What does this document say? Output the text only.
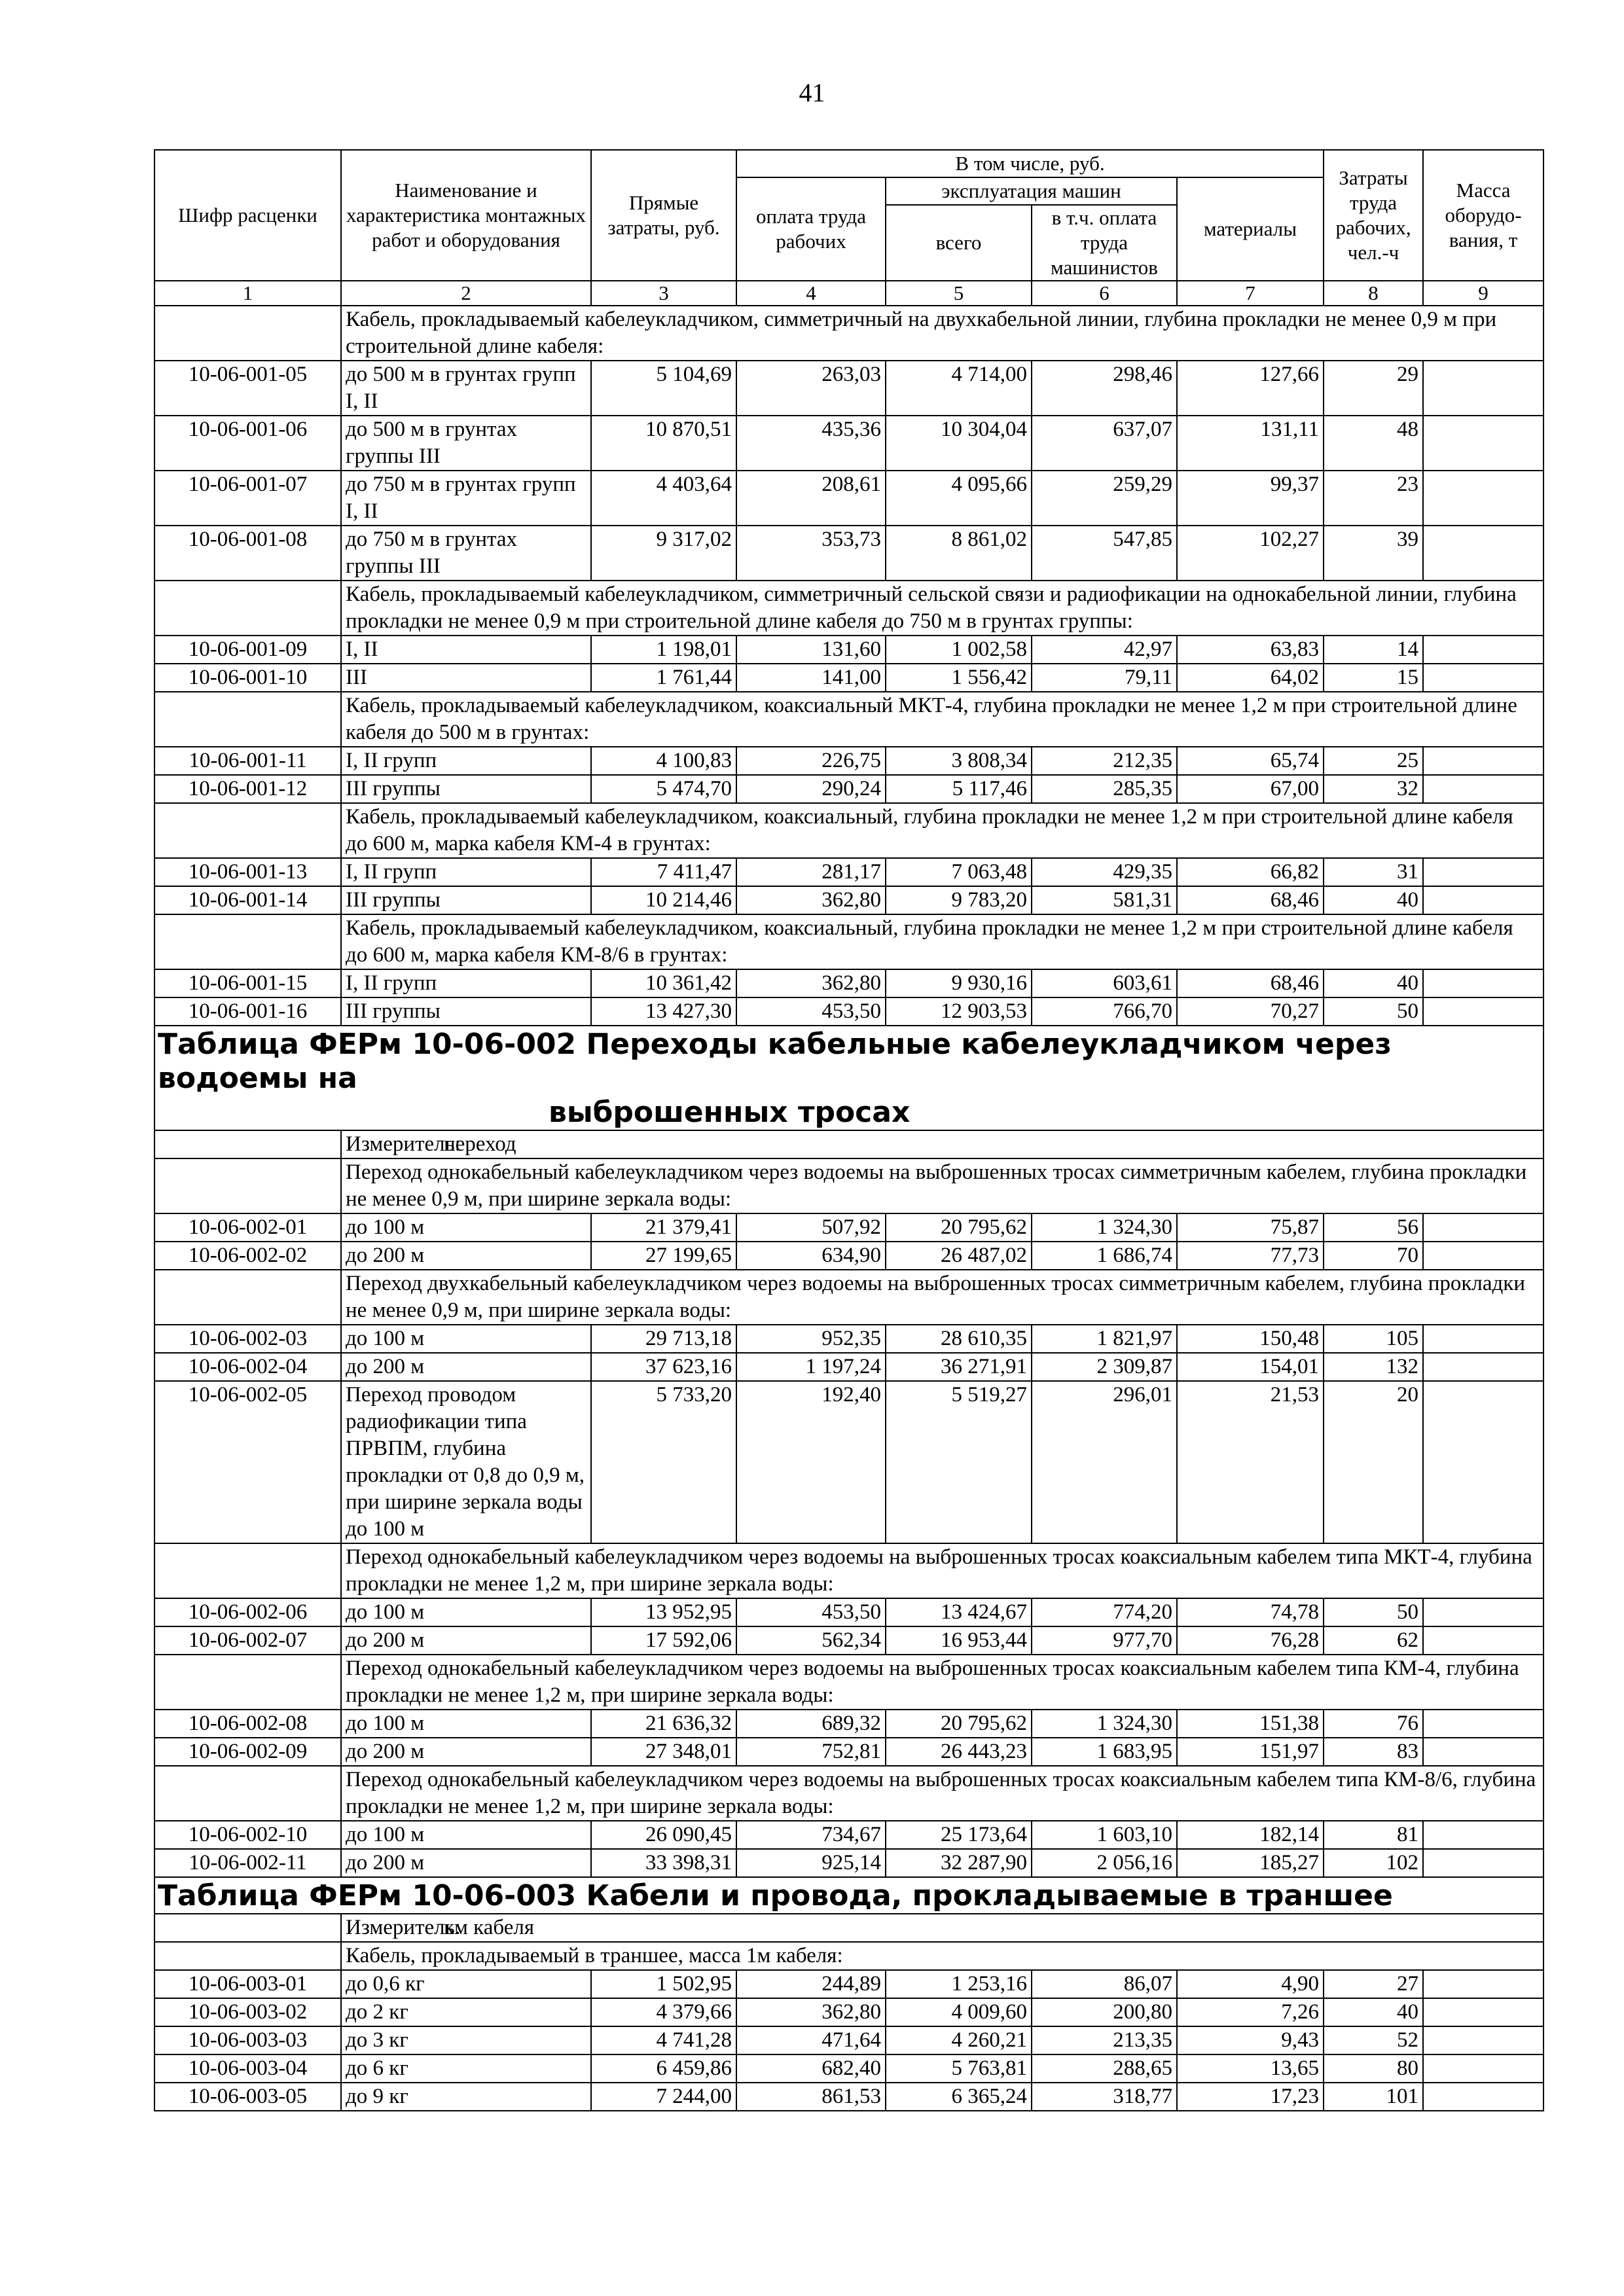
41
Шифр расценки	Наименование и характеристика монтажных работ и оборудования	Прямые затраты, руб.	В том числе, руб.				Затраты труда рабочих, чел.-ч	Масса оборудо-вания, т
			оплата труда рабочих	эксплуатация машин		материалы		
				всего	в т.ч. оплата труда машинистов			
1	2	3	4	5	6	7	8	9
	Кабель, прокладываемый кабелеукладчиком, симметричный на двухкабельной линии, глубина прокладки не менее 0,9 м при строительной длине кабеля:							
10-06-001-05	до 500 м в грунтах групп I, II	5 104,69	263,03	4 714,00	298,46	127,66	29	
10-06-001-06	до 500 м в грунтах группы III	10 870,51	435,36	10 304,04	637,07	131,11	48	
10-06-001-07	до 750 м в грунтах групп I, II	4 403,64	208,61	4 095,66	259,29	99,37	23	
10-06-001-08	до 750 м в грунтах группы III	9 317,02	353,73	8 861,02	547,85	102,27	39	
	Кабель, прокладываемый кабелеукладчиком, симметричный сельской связи и радиофикации на однокабельной линии, глубина прокладки не менее 0,9 м при строительной длине кабеля до 750 м в грунтах группы:							
10-06-001-09	I, II	1 198,01	131,60	1 002,58	42,97	63,83	14	
10-06-001-10	III	1 761,44	141,00	1 556,42	79,11	64,02	15	
	Кабель, прокладываемый кабелеукладчиком, коаксиальный МКТ-4, глубина прокладки не менее 1,2 м при строительной длине кабеля до 500 м в грунтах:							
10-06-001-11	I, II групп	4 100,83	226,75	3 808,34	212,35	65,74	25	
10-06-001-12	III группы	5 474,70	290,24	5 117,46	285,35	67,00	32	
	Кабель, прокладываемый кабелеукладчиком, коаксиальный, глубина прокладки не менее 1,2 м при строительной длине кабеля до 600 м, марка кабеля КМ-4 в грунтах:							
10-06-001-13	I, II групп	7 411,47	281,17	7 063,48	429,35	66,82	31	
10-06-001-14	III группы	10 214,46	362,80	9 783,20	581,31	68,46	40	
	Кабель, прокладываемый кабелеукладчиком, коаксиальный, глубина прокладки не менее 1,2 м при строительной длине кабеля до 600 м, марка кабеля КМ-8/6 в грунтах:							
10-06-001-15	I, II групп	10 361,42	362,80	9 930,16	603,61	68,46	40	
10-06-001-16	III группы	13 427,30	453,50	12 903,53	766,70	70,27	50	

Таблица ФЕРм 10-06-002 Переходы кабельные кабелеукладчиком через водоемы на
выброшенных тросах								

	Измеритель:переход							
	Переход однокабельный кабелеукладчиком через водоемы на выброшенных тросах симметричным кабелем, глубина прокладки не менее 0,9 м, при ширине зеркала воды:							
10-06-002-01	до 100 м	21 379,41	507,92	20 795,62	1 324,30	75,87	56	
10-06-002-02	до 200 м	27 199,65	634,90	26 487,02	1 686,74	77,73	70	
	Переход двухкабельный кабелеукладчиком через водоемы на выброшенных тросах симметричным кабелем, глубина прокладки не менее 0,9 м, при ширине зеркала воды:							
10-06-002-03	до 100 м	29 713,18	952,35	28 610,35	1 821,97	150,48	105	
10-06-002-04	до 200 м	37 623,16	1 197,24	36 271,91	2 309,87	154,01	132	
10-06-002-05	Переход проводом радиофикации типа ПРВПМ, глубина прокладки от 0,8 до 0,9 м, при ширине зеркала воды до 100 м	5 733,20	192,40	5 519,27	296,01	21,53	20	
	Переход однокабельный кабелеукладчиком через водоемы на выброшенных тросах коаксиальным кабелем типа МКТ-4, глубина прокладки не менее 1,2 м, при ширине зеркала воды:							
10-06-002-06	до 100 м	13 952,95	453,50	13 424,67	774,20	74,78	50	
10-06-002-07	до 200 м	17 592,06	562,34	16 953,44	977,70	76,28	62	
	Переход однокабельный кабелеукладчиком через водоемы на выброшенных тросах коаксиальным кабелем типа КМ-4, глубина прокладки не менее 1,2 м, при ширине зеркала воды:							
10-06-002-08	до 100 м	21 636,32	689,32	20 795,62	1 324,30	151,38	76	
10-06-002-09	до 200 м	27 348,01	752,81	26 443,23	1 683,95	151,97	83	
	Переход однокабельный кабелеукладчиком через водоемы на выброшенных тросах коаксиальным кабелем типа КМ-8/6, глубина прокладки не менее 1,2 м, при ширине зеркала воды:							
10-06-002-10	до 100 м	26 090,45	734,67	25 173,64	1 603,10	182,14	81	
10-06-002-11	до 200 м	33 398,31	925,14	32 287,90	2 056,16	185,27	102	

Таблица ФЕРм 10-06-003 Кабели и провода, прокладываемые в траншее								

	Измеритель:км кабеля							
	Кабель, прокладываемый в траншее, масса 1м кабеля:							
10-06-003-01	до 0,6 кг	1 502,95	244,89	1 253,16	86,07	4,90	27	
10-06-003-02	до 2 кг	4 379,66	362,80	4 009,60	200,80	7,26	40	
10-06-003-03	до 3 кг	4 741,28	471,64	4 260,21	213,35	9,43	52	
10-06-003-04	до 6 кг	6 459,86	682,40	5 763,81	288,65	13,65	80	
10-06-003-05	до 9 кг	7 244,00	861,53	6 365,24	318,77	17,23	101	
